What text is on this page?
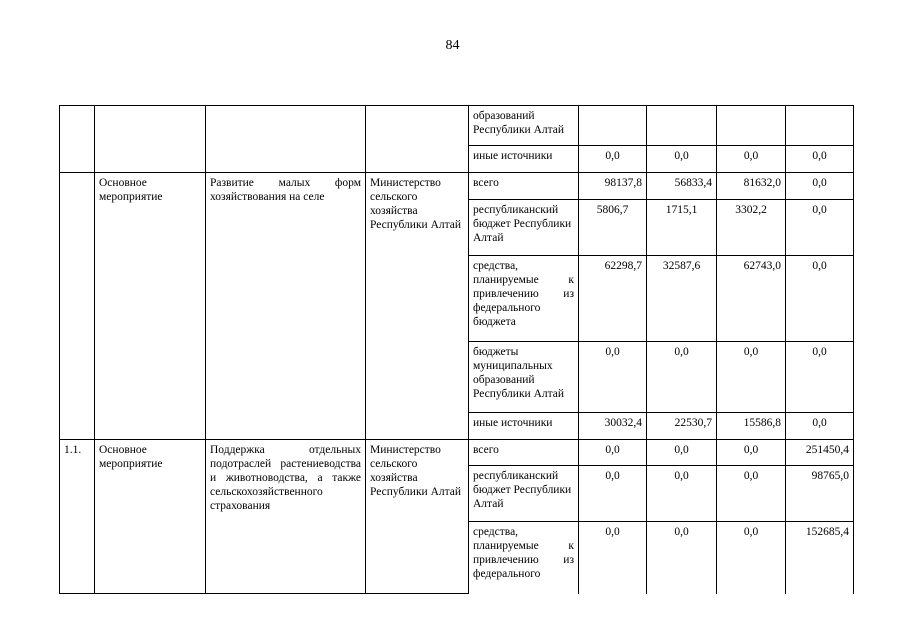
84
				образований Республики Алтай				
				иные источники	0,0	0,0	0,0	0,0
	Основное мероприятие	Развитие малых форм хозяйствования на селе	Министерство сельского хозяйства Республики Алтай	всего	98137,8	56833,4	81632,0	0,0
				республиканский бюджет Республики Алтай	5806,7	1715,1	3302,2	0,0
				средства, планируемые к привлечению из федерального бюджета	62298,7	32587,6	62743,0	0,0
				бюджеты муниципальных образований Республики Алтай	0,0	0,0	0,0	0,0
				иные источники	30032,4	22530,7	15586,8	0,0
1.1.	Основное мероприятие	Поддержка отдельных подотраслей растениеводства и животноводства, а также сельскохозяйственного страхования	Министерство сельского хозяйства Республики Алтай	всего	0,0	0,0	0,0	251450,4
				республиканский бюджет Республики Алтай	0,0	0,0	0,0	98765,0
				средства, планируемые к привлечению из федерального	0,0	0,0	0,0	152685,4
